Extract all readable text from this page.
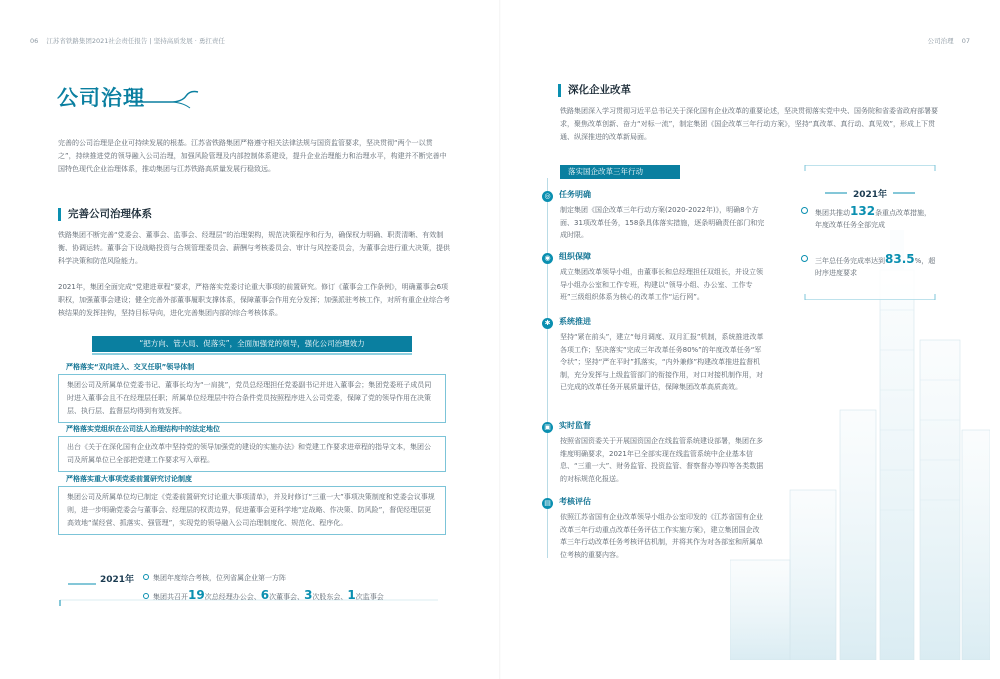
06 江苏省铁路集团2021社会责任报告 | 坚持高质发展 · 勇扛责任
公司治理
完善的公司治理是企业可持续发展的根基。江苏省铁路集团严格遵守相关法律法规与国资监管要求，坚决贯彻“两个一以贯之”，持续推进党的领导融入公司治理，加强风险管理及内部控制体系建设，提升企业治理能力和治理水平，构建并不断完善中国特色现代企业治理体系，推动集团与江苏铁路高质量发展行稳致远。
完善公司治理体系
铁路集团不断完善“党委会、董事会、监事会、经理层”的治理架构，规范决策程序和行为，确保权力明确、职责清晰、有效制衡、协调运转。董事会下设战略投资与合规管理委员会、薪酬与考核委员会、审计与风控委员会，为董事会进行重大决策，提供科学决策和防范风险能力。
2021年，集团全面完成“党建进章程”要求，严格落实党委讨论重大事项的前置研究。修订《董事会工作条例》，明确董事会6项职权，加强董事会建设；健全完善外部董事履职支撑体系，保障董事会作用充分发挥；加强派驻考核工作，对所有重企业综合考核结果的发挥挂钩，坚持目标导向，进化完善集团内部的综合考核体系。
“把方向、管大局、促落实”，全面加强党的领导，强化公司治理效力
严格落实“双向进入、交叉任职”领导体制
集团公司及所属单位党委书记、董事长均为“一肩挑”，党员总经理担任党委副书记并进入董事会；集团党委班子成员同时进入董事会且不在经理层任职；所属单位经理层中符合条件党员按照程序进入公司党委，保障了党的领导作用在决策层、执行层、监督层均得到有效发挥。
严格落实党组织在公司法人治理结构中的法定地位
出台《关于在深化国有企业改革中坚持党的领导加强党的建设的实施办法》和党建工作要求进章程的指导文本，集团公司及所属单位已全部把党建工作要求写入章程。
严格落实重大事项党委前置研究讨论制度
集团公司及所属单位均已制定《党委前置研究讨论重大事项清单》，并及时修订“三重一大”事项决策制度和党委会议事规则，进一步明确党委会与董事会、经理层的权责边界，促进董事会更科学地“定战略、作决策、防风险”，督促经理层更高效地“谋经营、抓落实、强管理”，实现党的领导融入公司治理制度化、规范化、程序化。
2021年	集团年度综合考核，位列省属企业第一方阵
集团共召开19次总经理办公会、6次董事会、3次股东会、1次监事会
公司治理 07
深化企业改革
铁路集团深入学习贯彻习近平总书记关于深化国有企业改革的重要论述，坚决贯彻落实党中央、国务院和省委省政府部署要求，聚焦改革创新、奋力“对标一流”，制定集团《国企改革三年行动方案》，坚持“真改革、真行动、真见效”，形成上下贯通、纵深推进的改革新局面。
落实国企改革三年行动
◎ 任务明确
制定集团《国企改革三年行动方案(2020-2022年)》，明确8个方面、31项改革任务，158条具体落实措施，逐条明确责任部门和完成时限。
◉ 组织保障
成立集团改革领导小组，由董事长和总经理担任双组长，并设立领导小组办公室和工作专班，构建以“领导小组、办公室、工作专班”三级组织体系为核心的改革工作“运行网”。
✱ 系统推进
坚持“紧在前头”，建立“每月调度、双月汇报”机制，系统推进改革各项工作；坚决落实“完成三年改革任务80%”的年度改革任务“军令状”；坚持“严在平时”抓落实，“内外兼修”构建改革推进监督机制，充分发挥与上级监管部门的衔接作用，对口对接机制作用，对已完成的改革任务开展质量评估，保障集团改革高质高效。
▣ 实时监督
按照省国资委关于开展国资国企在线监管系统建设部署，集团在多维度明确要求，2021年已全部实现在线监管系统中企业基本信息、“三重一大”、财务监管、投资监管、督察督办等四等各类数据的对标规范化报送。
▤ 考核评估
依照江苏省国有企业改革领导小组办公室印发的《江苏省国有企业改革三年行动重点改革任务评估工作实施方案》，建立集团国企改革三年行动改革任务考核评估机制，并将其作为对各部室和所属单位考核的重要内容。
2021年
集团共推动132条重点改革措施，年度改革任务全部完成
三年总任务完成率达到83.5%，超时序进度要求
